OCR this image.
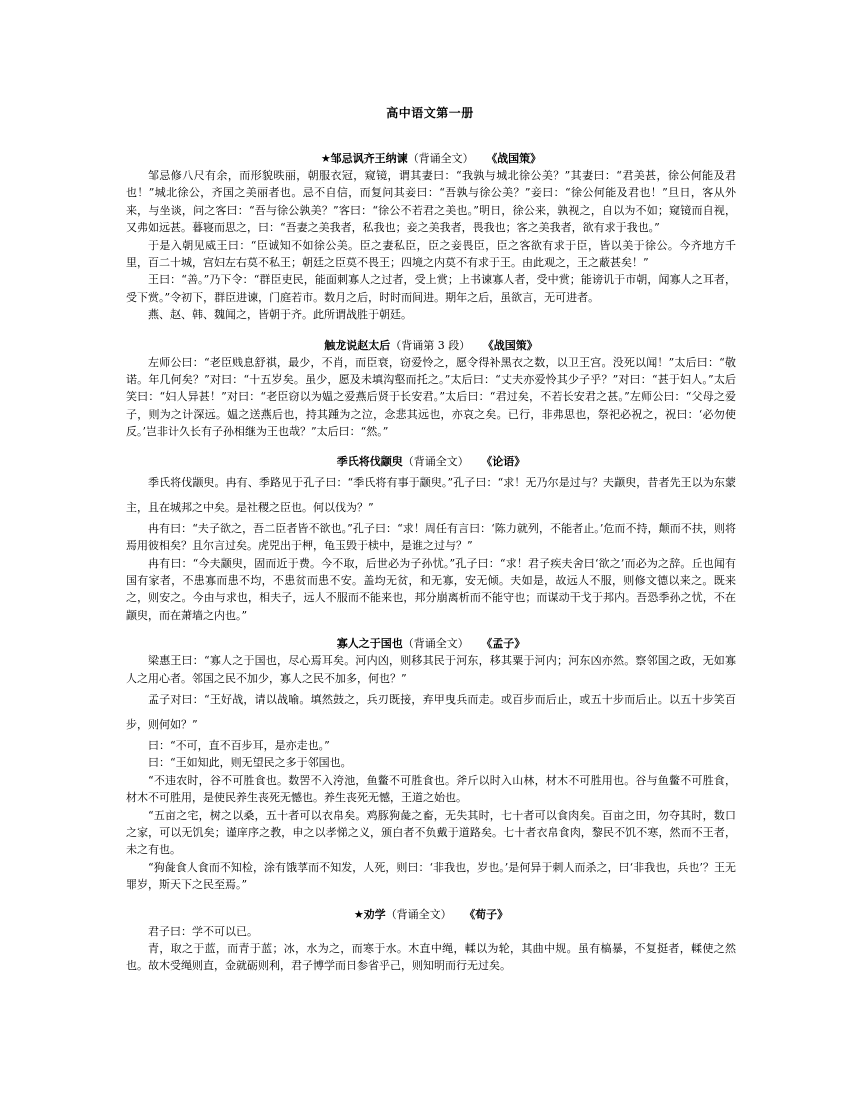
高中语文第一册
★邹忌讽齐王纳谏（背诵全文） 《战国策》

邹忌修八尺有余，而形貌昳丽，朝服衣冠，窥镜，谓其妻曰：“我孰与城北徐公美？”其妻曰：“君美甚，徐公何能及君也！”城北徐公，齐国之美丽者也。忌不自信，而复问其妾曰：“吾孰与徐公美？”妾曰：“徐公何能及君也！”旦日，客从外来，与坐谈，问之客曰：“吾与徐公孰美？”客曰：“徐公不若君之美也。”明日，徐公来，孰视之，自以为不如；窥镜而自视，又弗如远甚。暮寝而思之，曰：“吾妻之美我者，私我也；妾之美我者，畏我也；客之美我者，欲有求于我也。”

于是入朝见威王曰：“臣诚知不如徐公美。臣之妻私臣，臣之妾畏臣，臣之客欲有求于臣，皆以美于徐公。今齐地方千里，百二十城，宫妇左右莫不私王；朝廷之臣莫不畏王；四境之内莫不有求于王。由此观之，王之蔽甚矣！”

王曰：“善。”乃下令：“群臣吏民，能面刺寡人之过者，受上赏；上书谏寡人者，受中赏；能谤讥于市朝，闻寡人之耳者，受下赏。”令初下，群臣进谏，门庭若市。数月之后，时时而间进。期年之后，虽欲言，无可进者。

燕、赵、韩、魏闻之，皆朝于齐。此所谓战胜于朝廷。

触龙说赵太后（背诵第 3 段） 《战国策》

左师公曰：“老臣贱息舒祺，最少，不肖，而臣衰，窃爱怜之，愿令得补黑衣之数，以卫王宫。没死以闻！”太后曰：“敬诺。年几何矣？”对曰：“十五岁矣。虽少，愿及未填沟壑而托之。”太后曰：“丈夫亦爱怜其少子乎？”对曰：“甚于妇人。”太后笑曰：“妇人异甚！”对曰：“老臣窃以为媪之爱燕后贤于长安君。”太后曰：“君过矣，不若长安君之甚。”左师公曰：“父母之爱子，则为之计深远。媪之送燕后也，持其踵为之泣，念悲其远也，亦哀之矣。已行，非弗思也，祭祀必祝之，祝曰：‘必勿使反。’岂非计久长有子孙相继为王也哉？”太后曰：“然。”

季氏将伐颛臾（背诵全文） 《论语》

季氏将伐颛臾。冉有、季路见于孔子曰：“季氏将有事于颛臾。”孔子曰：“求！无乃尔是过与？夫颛臾，昔者先王以为东蒙主，且在城邦之中矣。是社稷之臣也。何以伐为？”

冉有曰：“夫子欲之，吾二臣者皆不欲也。”孔子曰：“求！周任有言曰：‘陈力就列，不能者止。’危而不持，颠而不扶，则将焉用彼相矣？且尔言过矣。虎兕出于柙，龟玉毁于椟中，是谁之过与？”

冉有曰：“今夫颛臾，固而近于费。今不取，后世必为子孙忧。”孔子曰：“求！君子疾夫舍曰‘欲之’而必为之辞。丘也闻有国有家者，不患寡而患不均，不患贫而患不安。盖均无贫，和无寡，安无倾。夫如是，故远人不服，则修文德以来之。既来之，则安之。今由与求也，相夫子，远人不服而不能来也，邦分崩离析而不能守也；而谋动干戈于邦内。吾恐季孙之忧，不在颛臾，而在萧墙之内也。”

寡人之于国也（背诵全文） 《孟子》

梁惠王曰：“寡人之于国也，尽心焉耳矣。河内凶，则移其民于河东，移其粟于河内；河东凶亦然。察邻国之政，无如寡人之用心者。邻国之民不加少，寡人之民不加多，何也？”

孟子对曰：“王好战，请以战喻。填然鼓之，兵刃既接，弃甲曳兵而走。或百步而后止，或五十步而后止。以五十步笑百步，则何如？”

曰：“不可，直不百步耳，是亦走也。”

曰：“王如知此，则无望民之多于邻国也。

“不违农时，谷不可胜食也。数罟不入洿池，鱼鳖不可胜食也。斧斤以时入山林，材木不可胜用也。谷与鱼鳖不可胜食，材木不可胜用，是使民养生丧死无憾也。养生丧死无憾，王道之始也。

“五亩之宅，树之以桑，五十者可以衣帛矣。鸡豚狗彘之畜，无失其时，七十者可以食肉矣。百亩之田，勿夺其时，数口之家，可以无饥矣；谨庠序之教，申之以孝悌之义，颁白者不负戴于道路矣。七十者衣帛食肉，黎民不饥不寒，然而不王者，未之有也。

“狗彘食人食而不知检，涂有饿莩而不知发，人死，则曰：‘非我也，岁也。’是何异于刺人而杀之，曰‘非我也，兵也’？王无罪岁，斯天下之民至焉。”

★劝学（背诵全文） 《荀子》

君子曰：学不可以已。

青，取之于蓝，而青于蓝；冰，水为之，而寒于水。木直中绳，輮以为轮，其曲中规。虽有槁暴，不复挺者，輮使之然也。故木受绳则直，金就砺则利，君子博学而日参省乎己，则知明而行无过矣。
